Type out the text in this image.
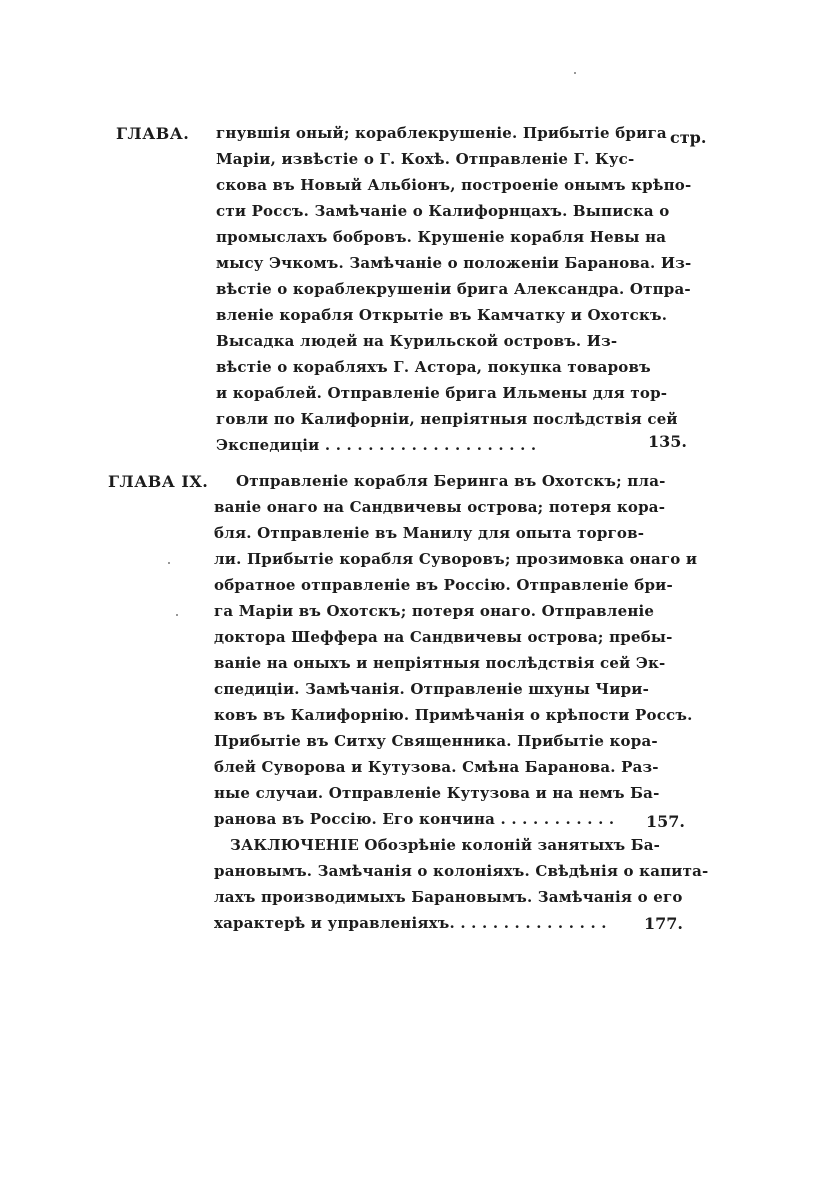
ГЛАВА.	стр.
гнувшія оный; кораблекрушеніе. Прибытіе брига
Маріи, извѣстіе о Г. Кохѣ. Отправленіе Г. Кус-
скова въ Новый Альбіонъ, построеніе онымъ крѣпо-
сти Россъ. Замѣчаніе о Калифорнцахъ. Выписка о
промыслахъ бобровъ. Крушеніе корабля Невы на
мысу Эчкомъ. Замѣчаніе о положеніи Баранова. Из-
вѣстіе о кораблекрушеніи брига Александра. Отпра-
вленіе корабля Открытіе въ Камчатку и Охотскъ.
Высадка людей на Курильской островъ. Из-
вѣстіе о корабляхъ Г. Астора, покупка товаровъ
и кораблей. Отправленіе брига Ильмены для тор-
говли по Калифорніи, непріятныя послѣдствія сей
Экспедиціи . . . . . . . . . . . . . . . . . . . .	135.
ГЛАВА IX. Отправленіе корабля Беринга въ Охотскъ; пла-
ваніе онаго на Сандвичевы острова; потеря кора-
бля. Отправленіе въ Манилу для опыта торгов-
ли. Прибытіе корабля Суворовъ; прозимовка онаго и
обратное отправленіе въ Россію. Отправленіе бри-
га Маріи въ Охотскъ; потеря онаго. Отправленіе
доктора Шеффера на Сандвичевы острова; пребы-
ваніе на оныхъ и непріятныя послѣдствія сей Эк-
спедиціи. Замѣчанія. Отправленіе шхуны Чири-
ковъ въ Калифорнію. Примѣчанія о крѣпости Россъ.
Прибытіе въ Ситху Священника. Прибытіе кора-
блей Суворова и Кутузова. Смѣна Баранова. Раз-
ные случаи. Отправленіе Кутузова и на немъ Ба-
ранова въ Россію. Его кончина . . . . . . . . . . . 157.
ЗАКЛЮЧЕНІЕ Обозрѣніе колоній занятыхъ Ба-
рановымъ. Замѣчанія о колоніяхъ. Свѣдѣнія о капита-
лахъ производимыхъ Барановымъ. Замѣчанія о его
характерѣ и управленіяхъ. . . . . . . . . . . . . . . 177.
